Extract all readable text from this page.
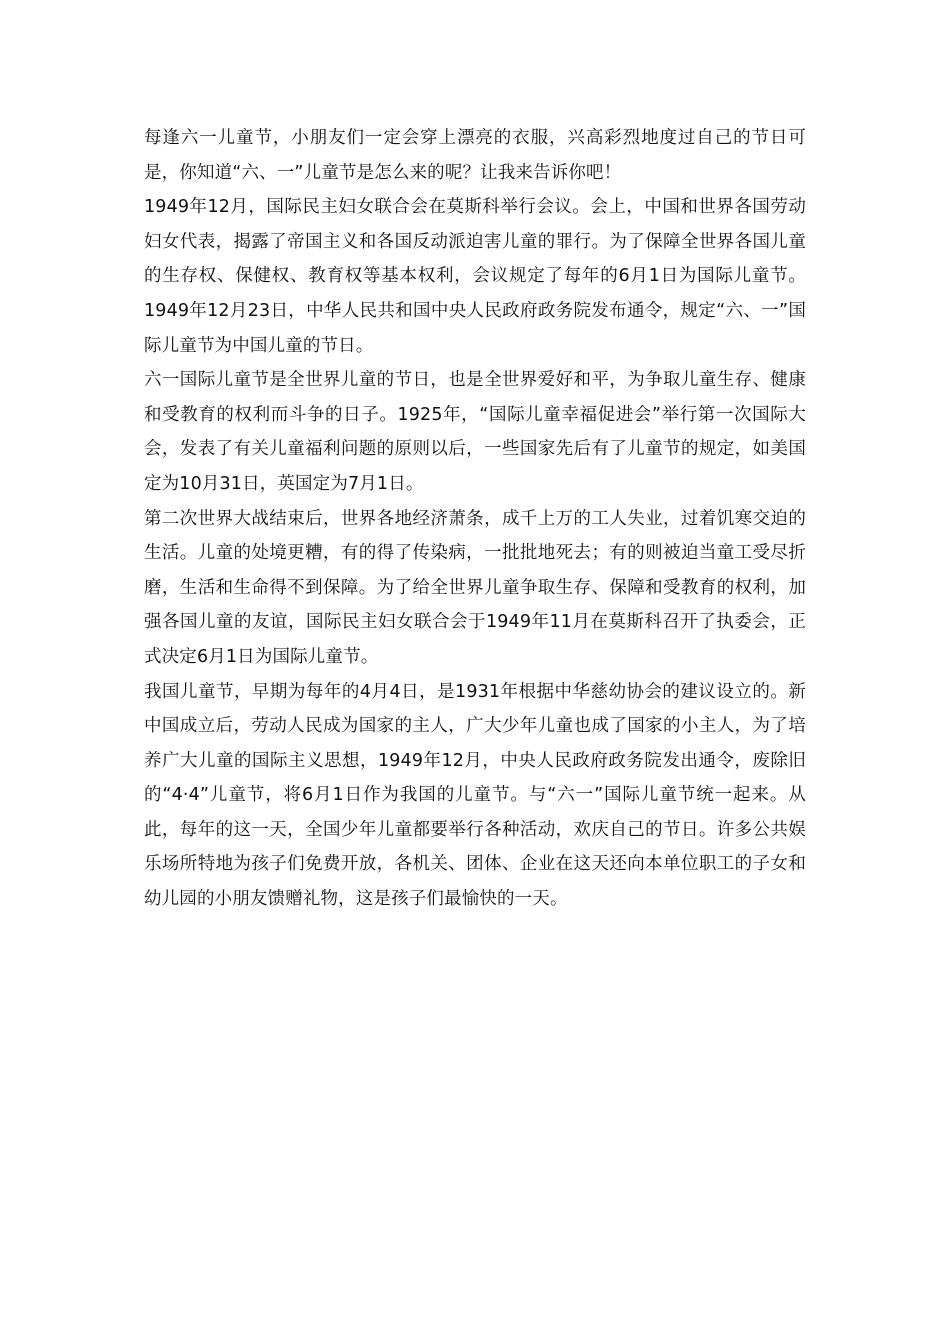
每逢六一儿童节，小朋友们一定会穿上漂亮的衣服，兴高彩烈地度过自己的节日可是，你知道“六、一”儿童节是怎么来的呢？让我来告诉你吧！

1949年12月，国际民主妇女联合会在莫斯科举行会议。会上，中国和世界各国劳动妇女代表，揭露了帝国主义和各国反动派迫害儿童的罪行。为了保障全世界各国儿童的生存权、保健权、教育权等基本权利，会议规定了每年的6月1日为国际儿童节。1949年12月23日，中华人民共和国中央人民政府政务院发布通令，规定“六、一”国际儿童节为中国儿童的节日。

六一国际儿童节是全世界儿童的节日，也是全世界爱好和平，为争取儿童生存、健康和受教育的权利而斗争的日子。1925年，“国际儿童幸福促进会”举行第一次国际大会，发表了有关儿童福利问题的原则以后，一些国家先后有了儿童节的规定，如美国定为10月31日，英国定为7月1日。

第二次世界大战结束后，世界各地经济萧条，成千上万的工人失业，过着饥寒交迫的生活。儿童的处境更糟，有的得了传染病，一批批地死去；有的则被迫当童工受尽折磨，生活和生命得不到保障。为了给全世界儿童争取生存、保障和受教育的权利，加强各国儿童的友谊，国际民主妇女联合会于1949年11月在莫斯科召开了执委会，正式决定6月1日为国际儿童节。

我国儿童节，早期为每年的4月4日，是1931年根据中华慈幼协会的建议设立的。新中国成立后，劳动人民成为国家的主人，广大少年儿童也成了国家的小主人，为了培养广大儿童的国际主义思想，1949年12月，中央人民政府政务院发出通令，废除旧的“4·4”儿童节，将6月1日作为我国的儿童节。与“六一”国际儿童节统一起来。从此，每年的这一天，全国少年儿童都要举行各种活动，欢庆自己的节日。许多公共娱乐场所特地为孩子们免费开放，各机关、团体、企业在这天还向本单位职工的子女和幼儿园的小朋友馈赠礼物，这是孩子们最愉快的一天。
